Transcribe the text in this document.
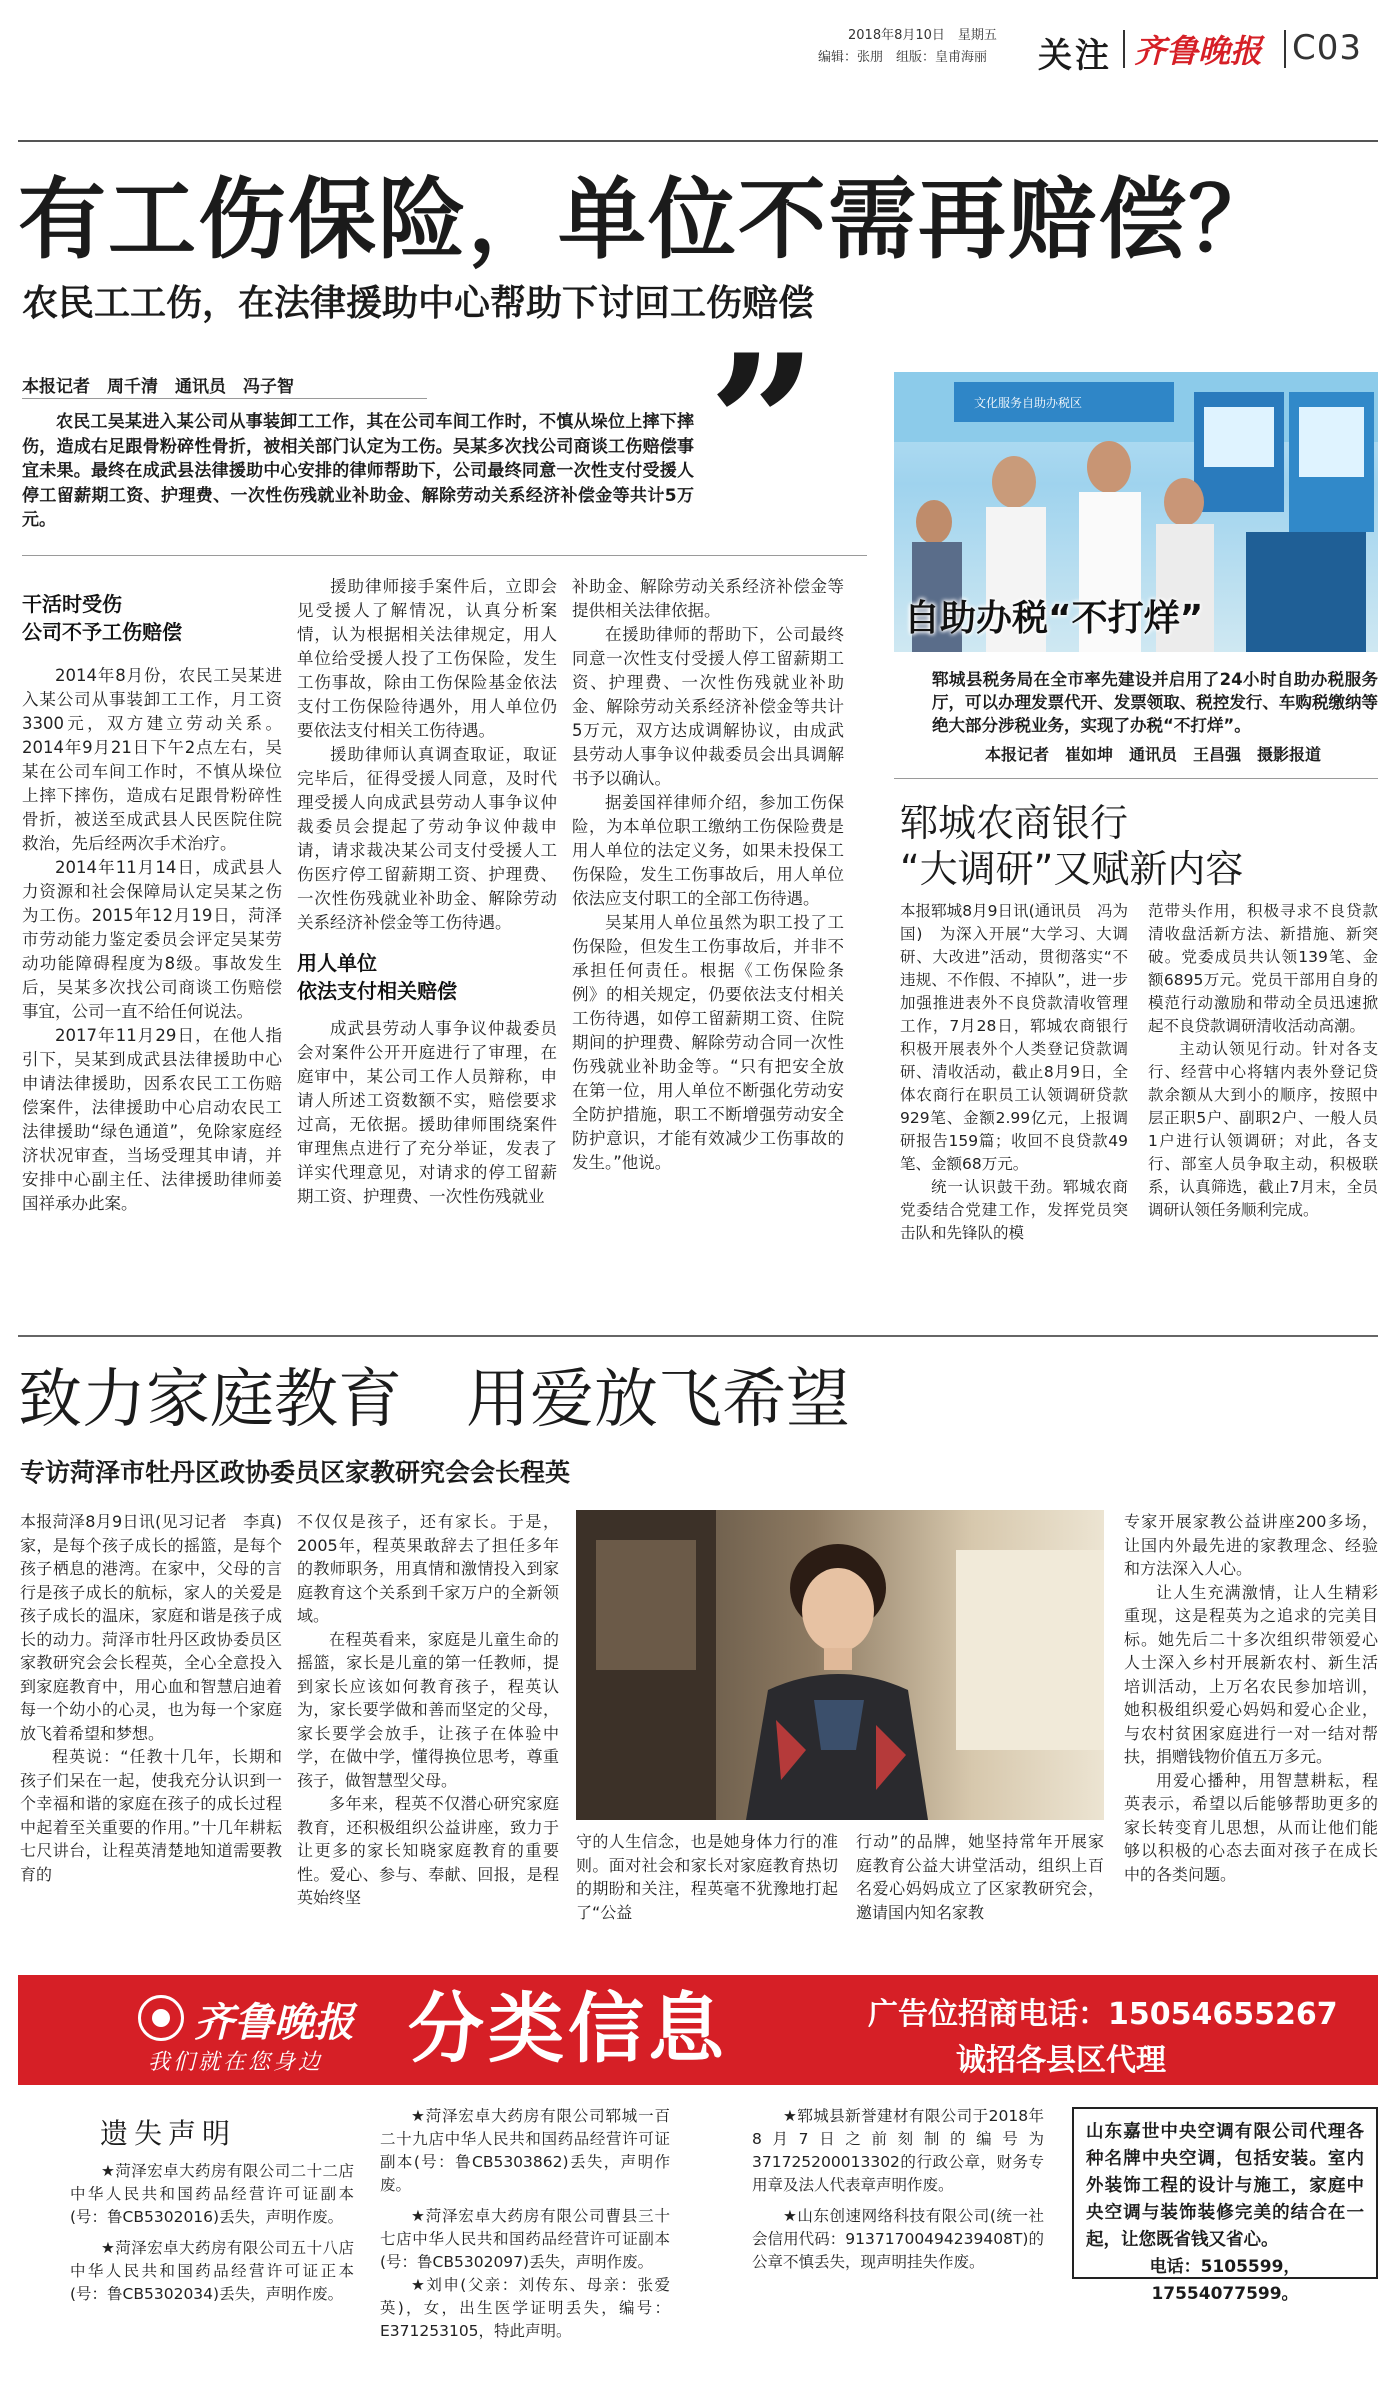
2018年8月10日　星期五
编辑：张朋　组版：皇甫海丽 关注 齐鲁晚报 C03
有工伤保险，单位不需再赔偿？
农民工工伤，在法律援助中心帮助下讨回工伤赔偿
本报记者　周千清　通讯员　冯子智 ”
农民工吴某进入某公司从事装卸工工作，其在公司车间工作时，不慎从垛位上摔下摔伤，造成右足跟骨粉碎性骨折，被相关部门认定为工伤。吴某多次找公司商谈工伤赔偿事宜未果。最终在成武县法律援助中心安排的律师帮助下，公司最终同意一次性支付受援人停工留薪期工资、护理费、一次性伤残就业补助金、解除劳动关系经济补偿金等共计5万元。
干活时受伤
公司不予工伤赔偿

2014年8月份，农民工吴某进入某公司从事装卸工工作，月工资3300元，双方建立劳动关系。2014年9月21日下午2点左右，吴某在公司车间工作时，不慎从垛位上摔下摔伤，造成右足跟骨粉碎性骨折，被送至成武县人民医院住院救治，先后经两次手术治疗。

2014年11月14日，成武县人力资源和社会保障局认定吴某之伤为工伤。2015年12月19日，菏泽市劳动能力鉴定委员会评定吴某劳动功能障碍程度为8级。事故发生后，吴某多次找公司商谈工伤赔偿事宜，公司一直不给任何说法。

2017年11月29日，在他人指引下，吴某到成武县法律援助中心申请法律援助，因系农民工工伤赔偿案件，法律援助中心启动农民工法律援助“绿色通道”，免除家庭经济状况审查，当场受理其申请，并安排中心副主任、法律援助律师姜国祥承办此案。

援助律师接手案件后，立即会见受援人了解情况，认真分析案情，认为根据相关法律规定，用人单位给受援人投了工伤保险，发生工伤事故，除由工伤保险基金依法支付工伤保险待遇外，用人单位仍要依法支付相关工伤待遇。

援助律师认真调查取证，取证完毕后，征得受援人同意，及时代理受援人向成武县劳动人事争议仲裁委员会提起了劳动争议仲裁申请，请求裁决某公司支付受援人工伤医疗停工留薪期工资、护理费、一次性伤残就业补助金、解除劳动关系经济补偿金等工伤待遇。

用人单位
依法支付相关赔偿

成武县劳动人事争议仲裁委员会对案件公开开庭进行了审理，在庭审中，某公司工作人员辩称，申请人所述工资数额不实，赔偿要求过高，无依据。援助律师围绕案件审理焦点进行了充分举证，发表了详实代理意见，对请求的停工留薪期工资、护理费、一次性伤残就业

补助金、解除劳动关系经济补偿金等提供相关法律依据。

在援助律师的帮助下，公司最终同意一次性支付受援人停工留薪期工资、护理费、一次性伤残就业补助金、解除劳动关系经济补偿金等共计5万元，双方达成调解协议，由成武县劳动人事争议仲裁委员会出具调解书予以确认。

据姜国祥律师介绍，参加工伤保险，为本单位职工缴纳工伤保险费是用人单位的法定义务，如果未投保工伤保险，发生工伤事故后，用人单位依法应支付职工的全部工伤待遇。

吴某用人单位虽然为职工投了工伤保险，但发生工伤事故后，并非不承担任何责任。根据《工伤保险条例》的相关规定，仍要依法支付相关工伤待遇，如停工留薪期工资、住院期间的护理费、解除劳动合同一次性伤残就业补助金等。“只有把安全放在第一位，用人单位不断强化劳动安全防护措施，职工不断增强劳动安全防护意识，才能有效减少工伤事故的发生。”他说。

文化服务自助办税区
自助办税“不打烊”
郓城县税务局在全市率先建设并启用了24小时自助办税服务厅，可以办理发票代开、发票领取、税控发行、车购税缴纳等绝大部分涉税业务，实现了办税“不打烊”。
本报记者　崔如坤　通讯员　王昌强　摄影报道
郓城农商银行
“大调研”又赋新内容

本报郓城8月9日讯(通讯员　冯为国)　为深入开展“大学习、大调研、大改进”活动，贯彻落实“不违规、不作假、不掉队”，进一步加强推进表外不良贷款清收管理工作，7月28日，郓城农商银行积极开展表外个人类登记贷款调研、清收活动，截止8月9日，全体农商行在职员工认领调研贷款929笔、金额2.99亿元，上报调研报告159篇；收回不良贷款49笔、金额68万元。

统一认识鼓干劲。郓城农商党委结合党建工作，发挥党员突击队和先锋队的模

范带头作用，积极寻求不良贷款清收盘活新方法、新措施、新突破。党委成员共认领139笔、金额6895万元。党员干部用自身的模范行动激励和带动全员迅速掀起不良贷款调研清收活动高潮。

主动认领见行动。针对各支行、经营中心将辖内表外登记贷款余额从大到小的顺序，按照中层正职5户、副职2户、一般人员1户进行认领调研；对此，各支行、部室人员争取主动，积极联系，认真筛选，截止7月末，全员调研认领任务顺利完成。

致力家庭教育　用爱放飞希望
专访菏泽市牡丹区政协委员区家教研究会会长程英

本报菏泽8月9日讯(见习记者　李真)　家，是每个孩子成长的摇篮，是每个孩子栖息的港湾。在家中，父母的言行是孩子成长的航标，家人的关爱是孩子成长的温床，家庭和谐是孩子成长的动力。菏泽市牡丹区政协委员区家教研究会会长程英，全心全意投入到家庭教育中，用心血和智慧启迪着每一个幼小的心灵，也为每一个家庭放飞着希望和梦想。

程英说：“任教十几年，长期和孩子们呆在一起，使我充分认识到一个幸福和谐的家庭在孩子的成长过程中起着至关重要的作用。”十几年耕耘七尺讲台，让程英清楚地知道需要教育的

不仅仅是孩子，还有家长。于是，2005年，程英果敢辞去了担任多年的教师职务，用真情和激情投入到家庭教育这个关系到千家万户的全新领域。

在程英看来，家庭是儿童生命的摇篮，家长是儿童的第一任教师，提到家长应该如何教育孩子，程英认为，家长要学做和善而坚定的父母，家长要学会放手，让孩子在体验中学，在做中学，懂得换位思考，尊重孩子，做智慧型父母。

多年来，程英不仅潜心研究家庭教育，还积极组织公益讲座，致力于让更多的家长知晓家庭教育的重要性。爱心、参与、奉献、回报，是程英始终坚

守的人生信念，也是她身体力行的准则。面对社会和家长对家庭教育热切的期盼和关注，程英毫不犹豫地打起了“公益

行动”的品牌，她坚持常年开展家庭教育公益大讲堂活动，组织上百名爱心妈妈成立了区家教研究会，邀请国内知名家教

专家开展家教公益讲座200多场，让国内外最先进的家教理念、经验和方法深入人心。

让人生充满激情，让人生精彩重现，这是程英为之追求的完美目标。她先后二十多次组织带领爱心人士深入乡村开展新农村、新生活培训活动，上万名农民参加培训，她积极组织爱心妈妈和爱心企业，与农村贫困家庭进行一对一结对帮扶，捐赠钱物价值五万多元。

用爱心播种，用智慧耕耘，程英表示，希望以后能够帮助更多的家长转变育儿思想，从而让他们能够以积极的心态去面对孩子在成长中的各类问题。

齐鲁晚报
我们就在您身边 分类信息	广告位招商电话：15054655267
诚招各县区代理
遗失声明

★菏泽宏卓大药房有限公司二十二店中华人民共和国药品经营许可证副本(号：鲁CB5302016)丢失，声明作废。

★菏泽宏卓大药房有限公司五十八店中华人民共和国药品经营许可证正本(号：鲁CB5302034)丢失，声明作废。

★菏泽宏卓大药房有限公司郓城一百二十九店中华人民共和国药品经营许可证副本(号：鲁CB5303862)丢失，声明作废。

★菏泽宏卓大药房有限公司曹县三十七店中华人民共和国药品经营许可证副本(号：鲁CB5302097)丢失，声明作废。

★刘申(父亲：刘传东、母亲：张爱英)，女，出生医学证明丢失，编号：E371253105，特此声明。

★郓城县新誉建材有限公司于2018年8月7日之前刻制的编号为371725200013302的行政公章，财务专用章及法人代表章声明作废。

★山东创速网络科技有限公司(统一社会信用代码：91371700494239408T)的公章不慎丢失，现声明挂失作废。

山东嘉世中央空调有限公司代理各种名牌中央空调，包括安装。室内外装饰工程的设计与施工，家庭中央空调与装饰装修完美的结合在一起，让您既省钱又省心。
电话：5105599，17554077599。
